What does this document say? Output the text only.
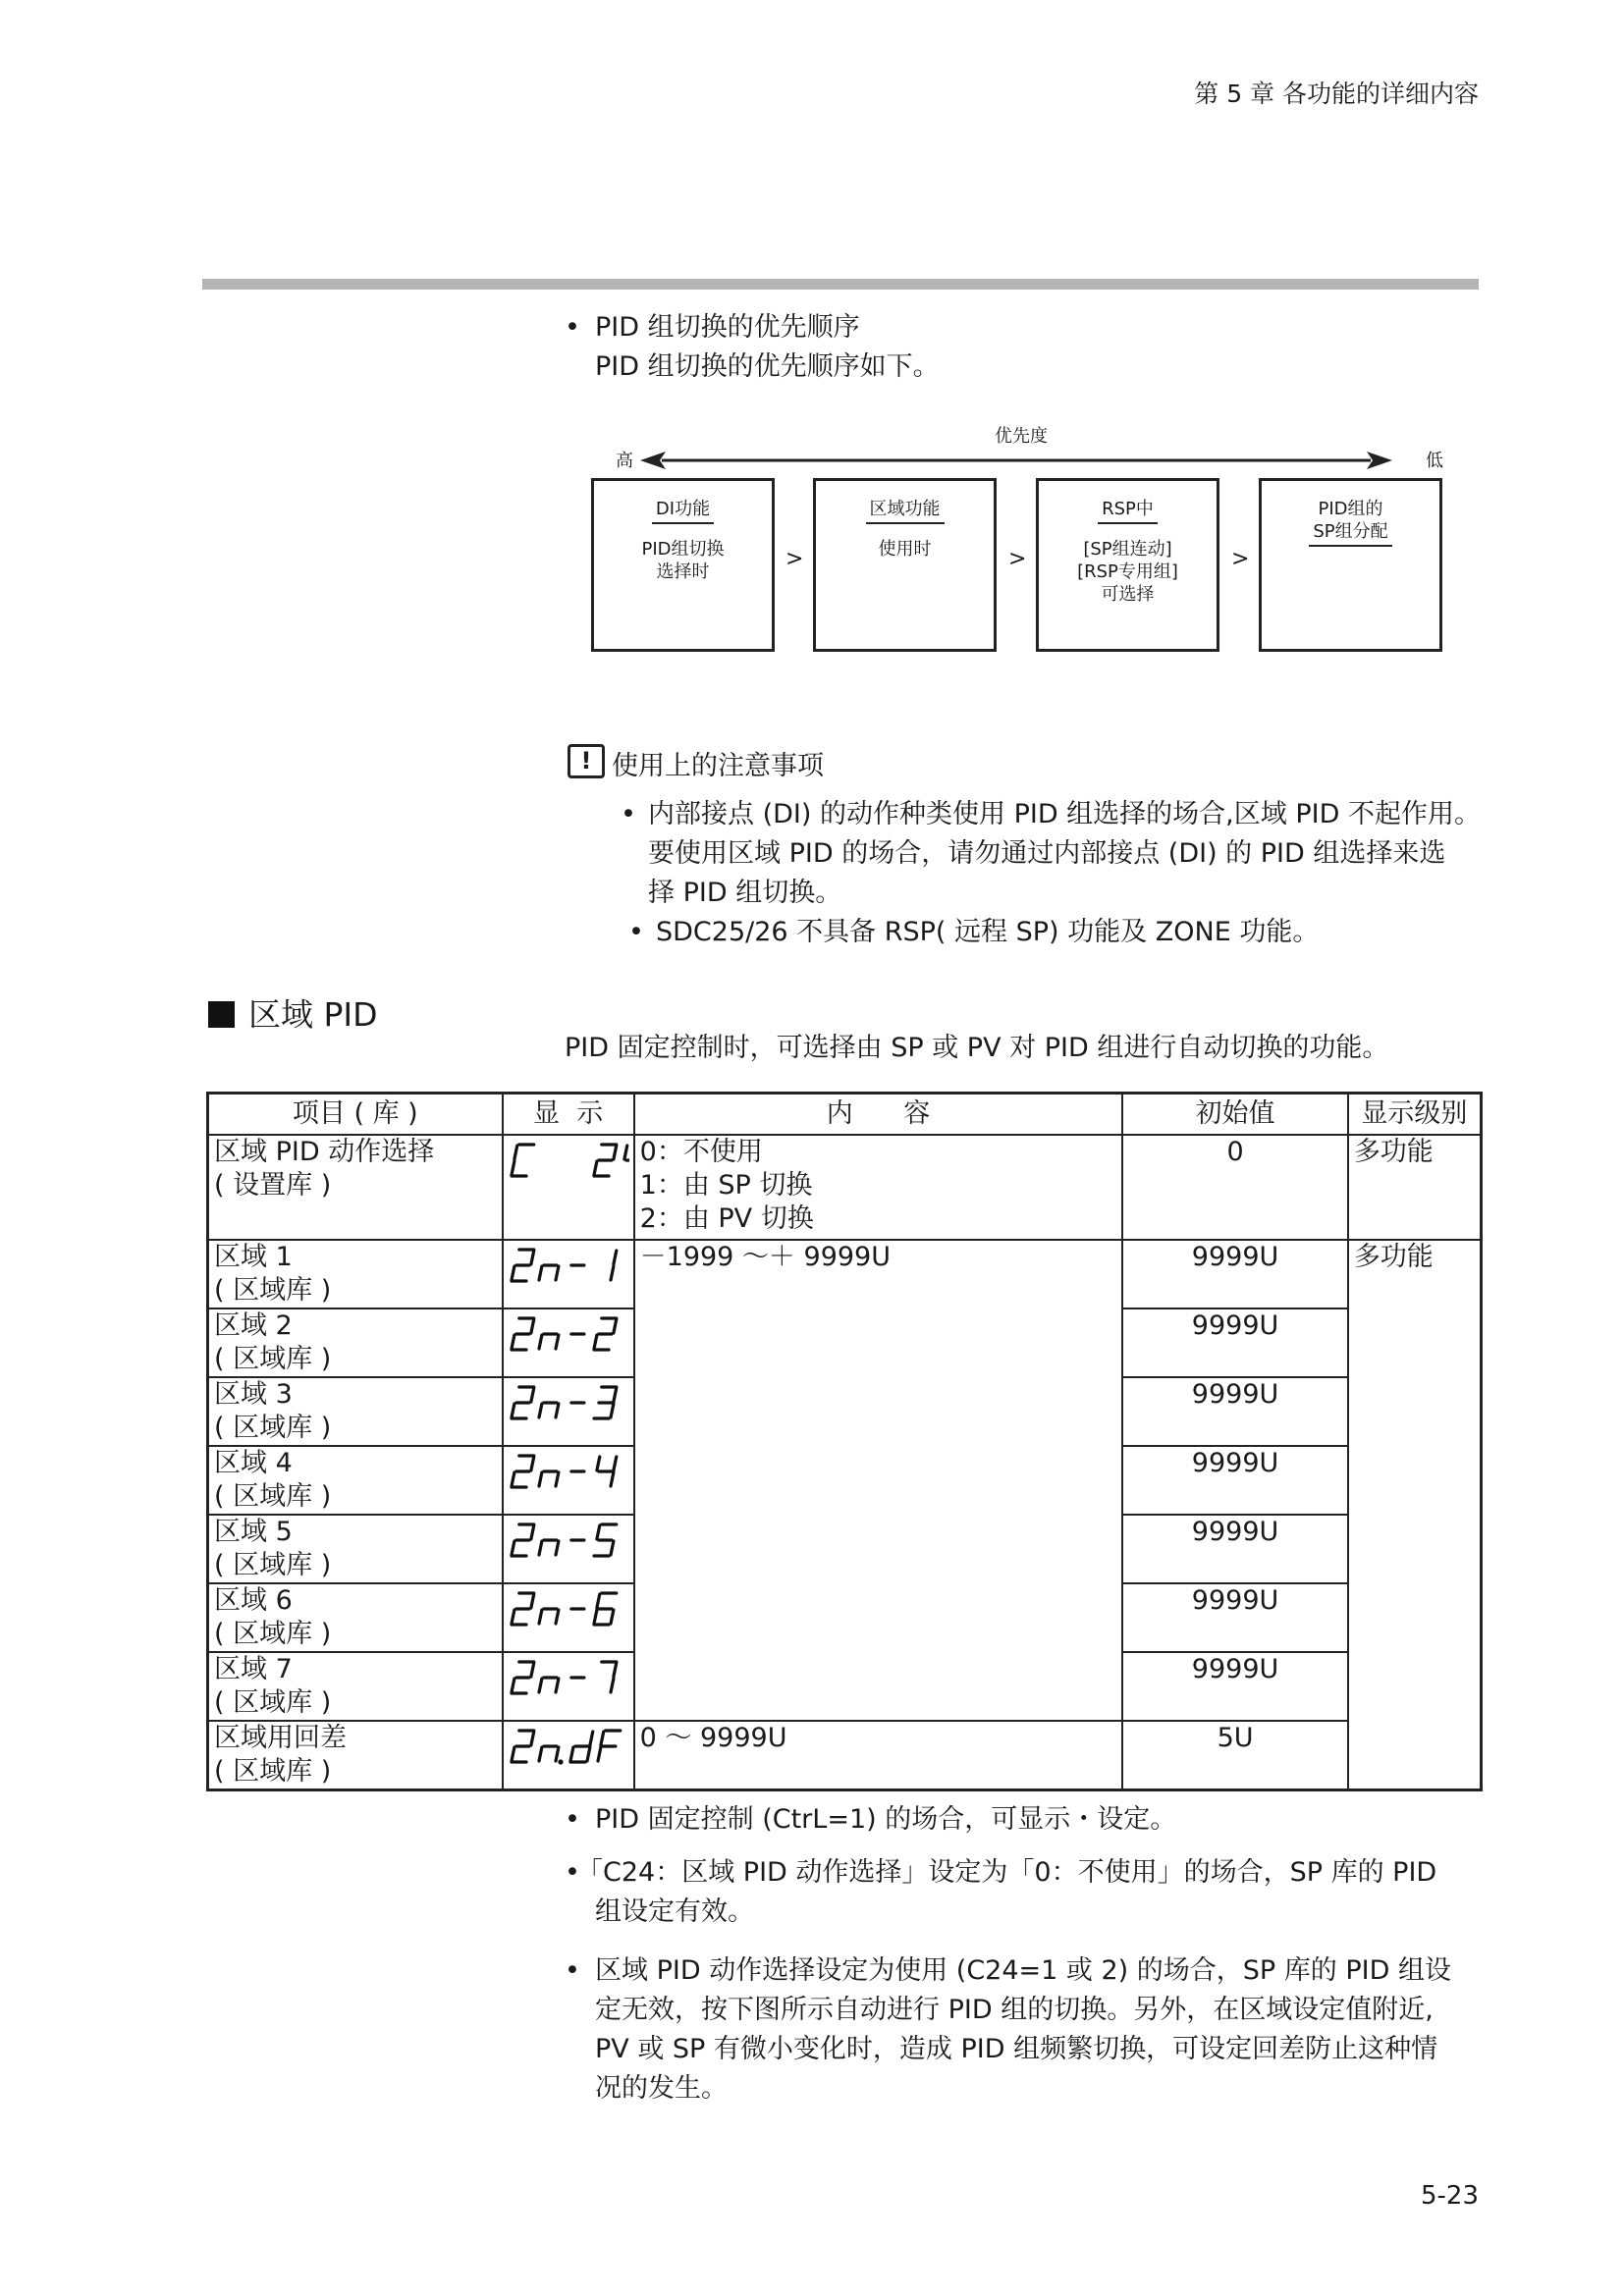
第 5 章 各功能的详细内容
• PID 组切换的优先顺序
PID 组切换的优先顺序如下。
优先度
高	低
DI功能
PID组切换
选择时
>
区域功能
使用时	>
RSP中
[SP组连动]
[RSP专用组]
可选择
>
PID组的
SP组分配
! 使用上的注意事项
• 内部接点 (DI) 的动作种类使用 PID 组选择的场合,区域 PID 不起作用。
要使用区域 PID 的场合，请勿通过内部接点 (DI) 的 PID 组选择来选
择 PID 组切换。
• SDC25/26 不具备 RSP( 远程 SP) 功能及 ZONE 功能。
区域 PID
PID 固定控制时，可选择由 SP 或 PV 对 PID 组进行自动切换的功能。
项目 ( 库 )	显  示	内      容	初始值	显示级别
区域 PID 动作选择
( 设置库 )		0：不使用
1：由 SP 切换
2：由 PV 切换	0	多功能
区域 1
( 区域库 )		－1999 ～＋ 9999U	9999U	多功能
区域 2
( 区域库 )			9999U	
区域 3
( 区域库 )			9999U	
区域 4
( 区域库 )			9999U	
区域 5
( 区域库 )			9999U	
区域 6
( 区域库 )			9999U	
区域 7
( 区域库 )			9999U	
区域用回差
( 区域库 )		0 ～ 9999U	5U	
• PID 固定控制 (CtrL=1) 的场合，可显示・设定。
•
「C24：区域 PID 动作选择」设定为「0：不使用」的场合，SP 库的 PID
组设定有效。
• 区域 PID 动作选择设定为使用 (C24=1 或 2) 的场合，SP 库的 PID 组设
定无效，按下图所示自动进行 PID 组的切换。另外，在区域设定值附近,
PV 或 SP 有微小变化时，造成 PID 组频繁切换，可设定回差防止这种情
况的发生。
5-23
